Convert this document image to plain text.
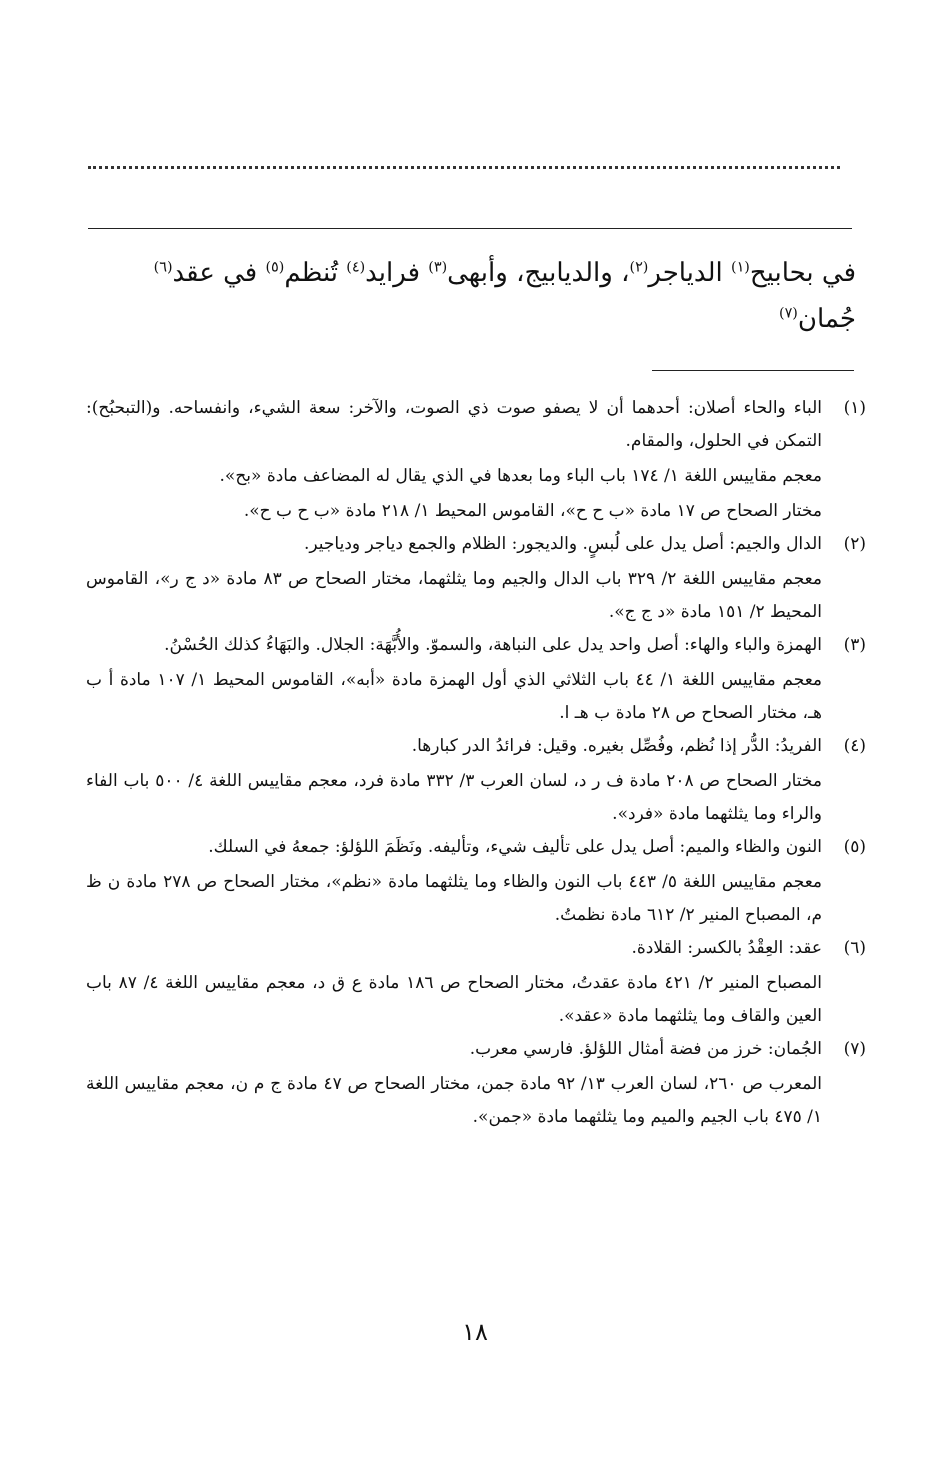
في بحابيح$^{(١)}$ الدياجر$^{(٢)}$، والديابيج، وأبهى$^{(٣)}$ فرايد$^{(٤)}$ تُنظم$^{(٥)}$ في عقد$^{(٦)}$
جُمان$^{(٧)}$
(١)

الباء والحاء أصلان: أحدهما أن لا يصفو صوت ذي الصوت، والآخر: سعة الشيء، وانفساحه. و(التبحبُح): التمكن في الحلول، والمقام.

معجم مقاييس اللغة ١/ ١٧٤ باب الباء وما بعدها في الذي يقال له المضاعف مادة «بح».

مختار الصحاح ص ١٧ مادة «ب ح ح»، القاموس المحيط ١/ ٢١٨ مادة «ب ح ب ح».

(٢)

الدال والجيم: أصل يدل على لُبسٍ. والديجور: الظلام والجمع دياجر ودياجير.

معجم مقاييس اللغة ٢/ ٣٢٩ باب الدال والجيم وما يثلثهما، مختار الصحاح ص ٨٣ مادة «د ج ر»، القاموس المحيط ٢/ ١٥١ مادة «د ج ج».

(٣)

الهمزة والباء والهاء: أصل واحد يدل على النباهة، والسموّ. والأُبَّهَة: الجلال. والبَهَاءُ كذلك الحُسْنُ.

معجم مقاييس اللغة ١/ ٤٤ باب الثلاثي الذي أول الهمزة مادة «أبه»، القاموس المحيط ١/ ١٠٧ مادة أ ب هـ، مختار الصحاح ص ٢٨ مادة ب هـ ا.

(٤)

الفريدُ: الدُّر إذا نُظم، وفُصِّل بغيره. وقيل: فرائدُ الدر كبارها.

مختار الصحاح ص ٢٠٨ مادة ف ر د، لسان العرب ٣/ ٣٣٢ مادة فرد، معجم مقاييس اللغة ٤/ ٥٠٠ باب الفاء والراء وما يثلثهما مادة «فرد».

(٥)

النون والظاء والميم: أصل يدل على تأليف شيء، وتأليفه. ونَظَمَ اللؤلؤ: جمعهُ في السلك.

معجم مقاييس اللغة ٥/ ٤٤٣ باب النون والظاء وما يثلثهما مادة «نظم»، مختار الصحاح ص ٢٧٨ مادة ن ظ م، المصباح المنير ٢/ ٦١٢ مادة نظمتُ.

(٦)

عقد: العِقْدُ بالكسر: القلادة.

المصباح المنير ٢/ ٤٢١ مادة عقدتُ، مختار الصحاح ص ١٨٦ مادة ع ق د، معجم مقاييس اللغة ٤/ ٨٧ باب العين والقاف وما يثلثهما مادة «عقد».

(٧)

الجُمان: خرز من فضة أمثال اللؤلؤ. فارسي معرب.

المعرب ص ٢٦٠، لسان العرب ١٣/ ٩٢ مادة جمن، مختار الصحاح ص ٤٧ مادة ج م ن، معجم مقاييس اللغة ١/ ٤٧٥ باب الجيم والميم وما يثلثهما مادة «جمن».

١٨
